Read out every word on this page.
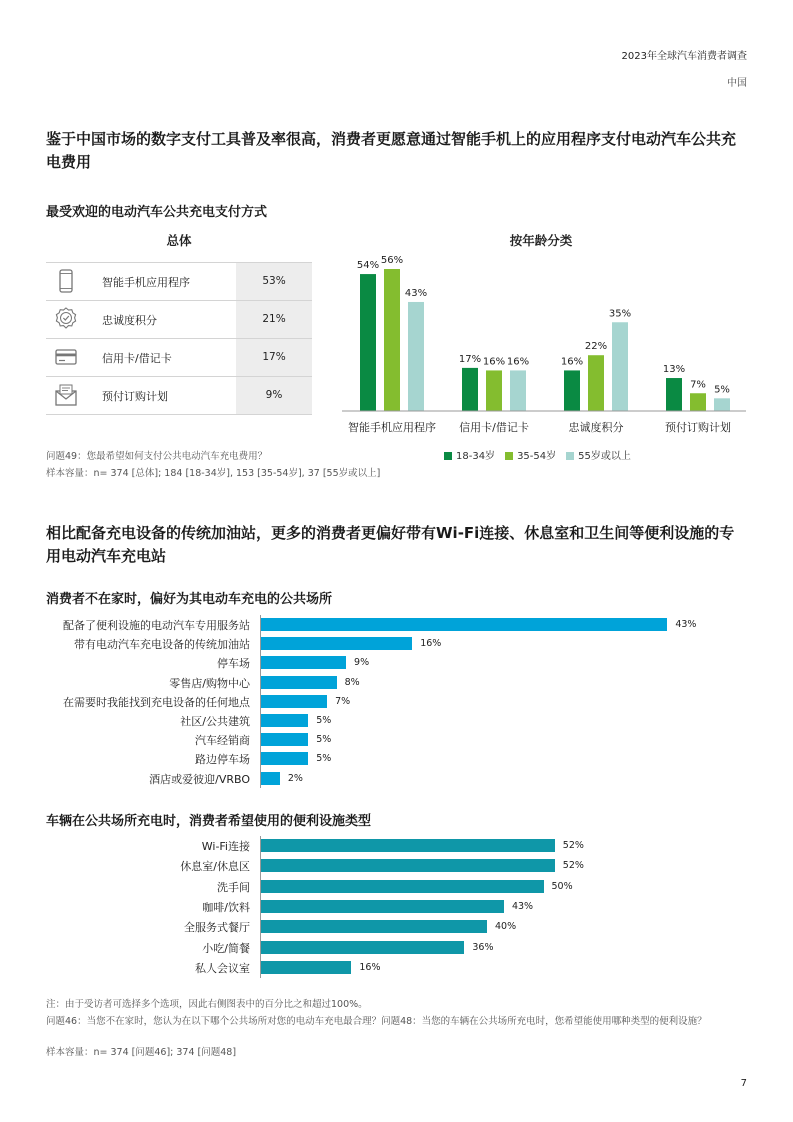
2023年全球汽车消费者调查
中国
鉴于中国市场的数字支付工具普及率很高，消费者更愿意通过智能手机上的应用程序支付电动汽车公共充电费用
最受欢迎的电动汽车公共充电支付方式
总体	按年龄分类
智能手机应用程序	53%
忠诚度积分	21%
信用卡/借记卡	17%
预付订购计划	9%
54% 56%
43%
智能手机应用程序
17% 16% 16%
信用卡/借记卡
16%
22%
35%
忠诚度积分
13%
7% 5%
预付订购计划
18-34岁	35-54岁	55岁或以上
问题49：您最希望如何支付公共电动汽车充电费用？
样本容量：n= 374 [总体]; 184 [18-34岁], 153 [35-54岁], 37 [55岁或以上]
相比配备充电设备的传统加油站，更多的消费者更偏好带有Wi-Fi连接、休息室和卫生间等便利设施的专用电动汽车充电站
消费者不在家时，偏好为其电动车充电的公共场所
配备了便利设施的电动汽车专用服务站	43%
带有电动汽车充电设备的传统加油站	16%
停车场	9%
零售店/购物中心	8%
在需要时我能找到充电设备的任何地点	7%
社区/公共建筑	5%
汽车经销商	5%
路边停车场	5%
酒店或爱彼迎/VRBO	2%
车辆在公共场所充电时，消费者希望使用的便利设施类型
Wi-Fi连接	52%
休息室/休息区	52%
洗手间	50%
咖啡/饮料	43%
全服务式餐厅	40%
小吃/简餐	36%
私人会议室	16%
注：由于受访者可选择多个选项，因此右侧图表中的百分比之和超过100%。
问题46：当您不在家时，您认为在以下哪个公共场所对您的电动车充电最合理？问题48：当您的车辆在公共场所充电时，您希望能使用哪种类型的便利设施？
样本容量：n= 374 [问题46]; 374 [问题48]
7
